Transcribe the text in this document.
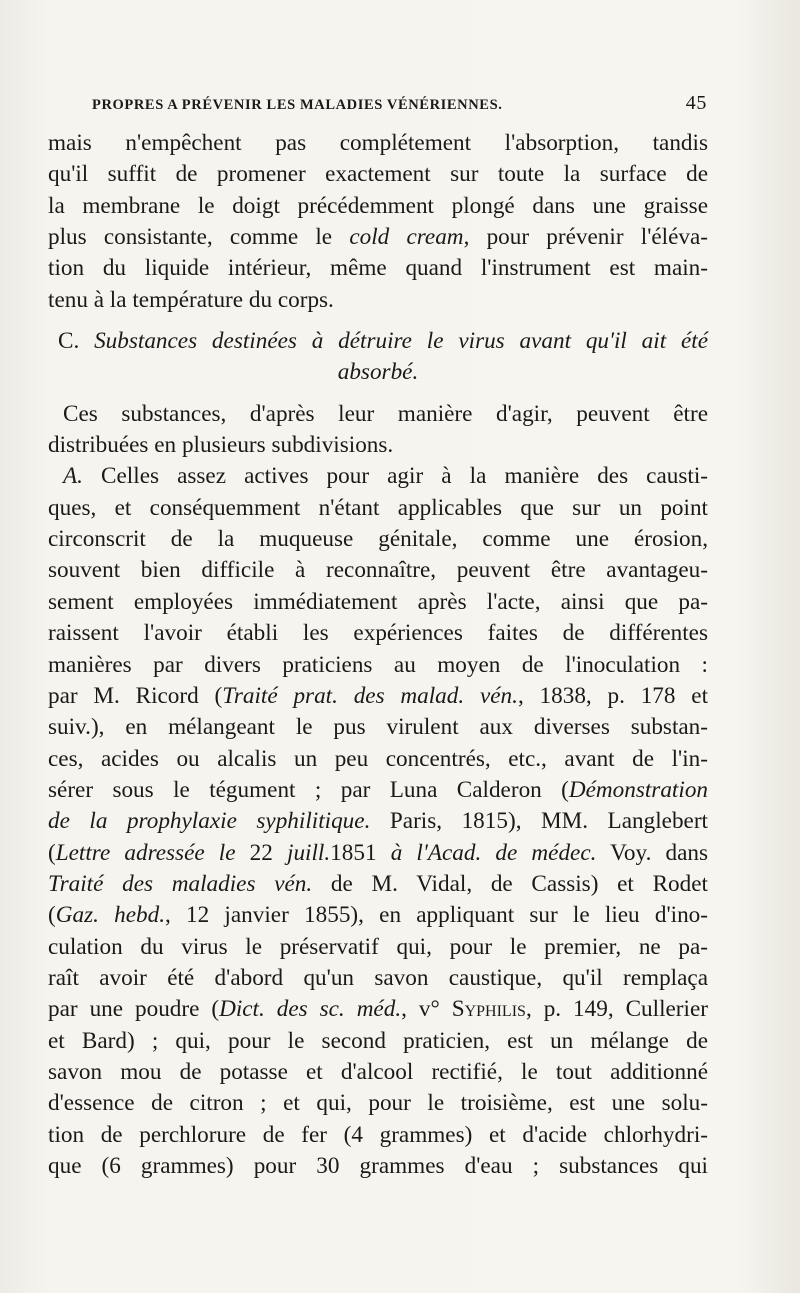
PROPRES A PRÉVENIR LES MALADIES VÉNÉRIENNES.	45
mais n'empêchent pas complétement l'absorption, tandis
qu'il suffit de promener exactement sur toute la surface de
la membrane le doigt précédemment plongé dans une graisse
plus consistante, comme le cold cream, pour prévenir l'éléva-
tion du liquide intérieur, même quand l'instrument est main-
tenu à la température du corps.
C. Substances destinées à détruire le virus avant qu'il ait été
absorbé.
Ces substances, d'après leur manière d'agir, peuvent être
distribuées en plusieurs subdivisions.
A. Celles assez actives pour agir à la manière des causti-
ques, et conséquemment n'étant applicables que sur un point
circonscrit de la muqueuse génitale, comme une érosion,
souvent bien difficile à reconnaître, peuvent être avantageu-
sement employées immédiatement après l'acte, ainsi que pa-
raissent l'avoir établi les expériences faites de différentes
manières par divers praticiens au moyen de l'inoculation :
par M. Ricord (Traité prat. des malad. vén., 1838, p. 178 et
suiv.), en mélangeant le pus virulent aux diverses substan-
ces, acides ou alcalis un peu concentrés, etc., avant de l'in-
sérer sous le tégument ; par Luna Calderon (Démonstration
de la prophylaxie syphilitique. Paris, 1815), MM. Langlebert
(Lettre adressée le 22 juill.1851 à l'Acad. de médec. Voy. dans
Traité des maladies vén. de M. Vidal, de Cassis) et Rodet
(Gaz. hebd., 12 janvier 1855), en appliquant sur le lieu d'ino-
culation du virus le préservatif qui, pour le premier, ne pa-
raît avoir été d'abord qu'un savon caustique, qu'il remplaça
par une poudre (Dict. des sc. méd., v° Syphilis, p. 149, Cullerier
et Bard) ; qui, pour le second praticien, est un mélange de
savon mou de potasse et d'alcool rectifié, le tout additionné
d'essence de citron ; et qui, pour le troisième, est une solu-
tion de perchlorure de fer (4 grammes) et d'acide chlorhydri-
que (6 grammes) pour 30 grammes d'eau ; substances qui
